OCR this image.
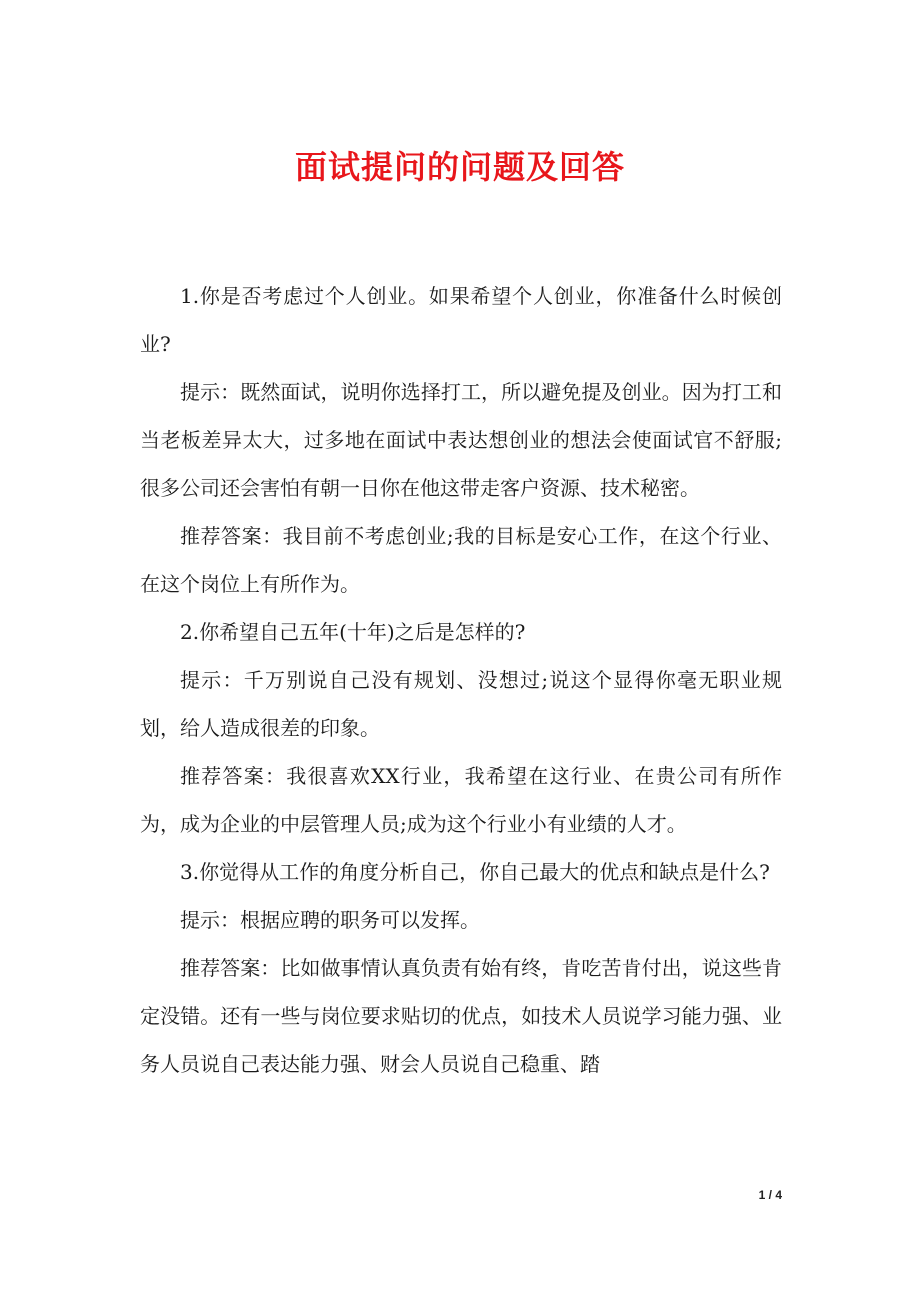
面试提问的问题及回答

1.你是否考虑过个人创业。如果希望个人创业，你准备什么时候创业?

提示：既然面试，说明你选择打工，所以避免提及创业。因为打工和当老板差异太大，过多地在面试中表达想创业的想法会使面试官不舒服;很多公司还会害怕有朝一日你在他这带走客户资源、技术秘密。

推荐答案：我目前不考虑创业;我的目标是安心工作，在这个行业、在这个岗位上有所作为。

2.你希望自己五年(十年)之后是怎样的?

提示：千万别说自己没有规划、没想过;说这个显得你毫无职业规划，给人造成很差的印象。

推荐答案：我很喜欢XX行业，我希望在这行业、在贵公司有所作为，成为企业的中层管理人员;成为这个行业小有业绩的人才。

3.你觉得从工作的角度分析自己，你自己最大的优点和缺点是什么?

提示：根据应聘的职务可以发挥。

推荐答案：比如做事情认真负责有始有终，肯吃苦肯付出，说这些肯定没错。还有一些与岗位要求贴切的优点，如技术人员说学习能力强、业务人员说自己表达能力强、财会人员说自己稳重、踏

1 / 4
